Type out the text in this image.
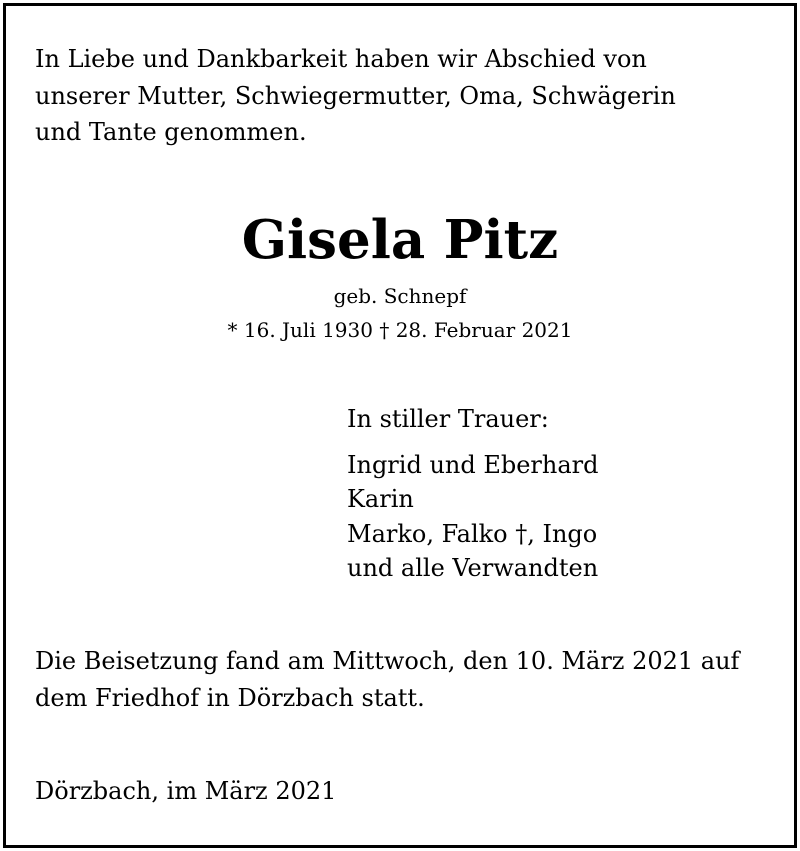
In Liebe und Dankbarkeit haben wir Abschied von
unserer Mutter, Schwiegermutter, Oma, Schwägerin
und Tante genommen.

Gisela Pitz
geb. Schnepf
* 16. Juli 1930 † 28. Februar 2021
In stiller Trauer:
Ingrid und Eberhard
Karin
Marko, Falko †, Ingo
und alle Verwandten

Die Beisetzung fand am Mittwoch, den 10. März 2021 auf
dem Friedhof in Dörzbach statt.

Dörzbach, im März 2021
